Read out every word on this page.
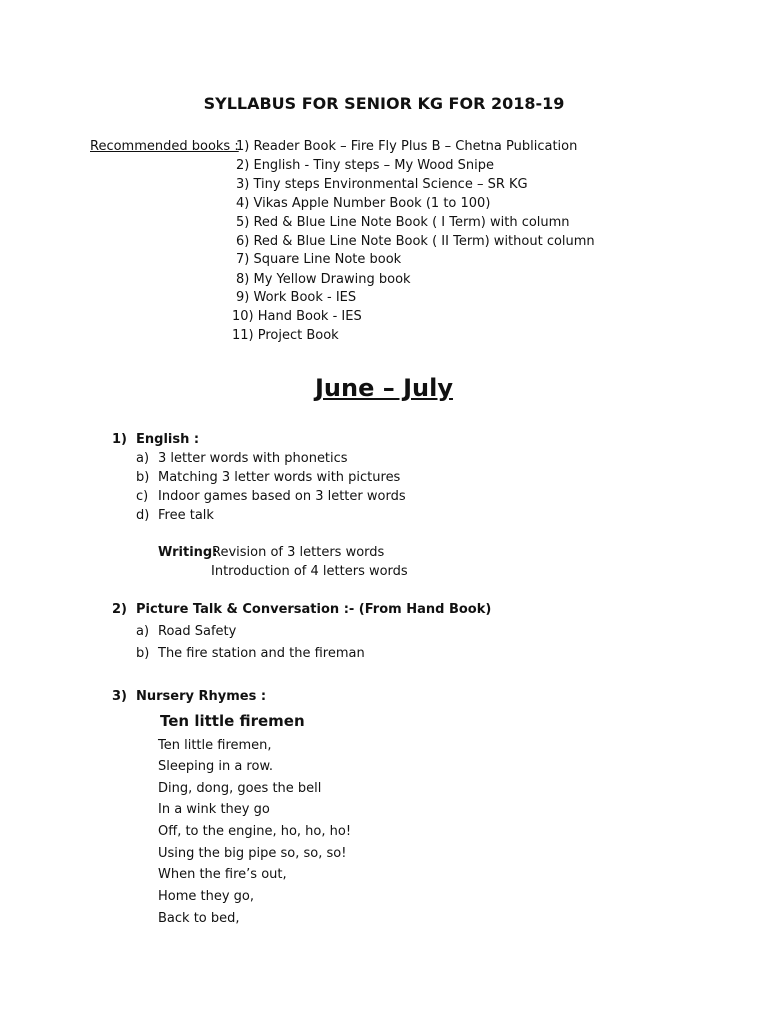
SYLLABUS FOR SENIOR KG FOR 2018-19
Recommended books :
1) Reader Book – Fire Fly Plus B – Chetna Publication
2) English - Tiny steps – My Wood Snipe
3) Tiny steps Environmental Science – SR KG
4) Vikas Apple Number Book (1 to 100)
5) Red & Blue Line Note Book ( I Term) with column
6) Red & Blue Line Note Book ( II Term) without column
7) Square Line Note book
8) My Yellow Drawing book
9) Work Book - IES
10) Hand Book - IES
11) Project Book
June – July
1) English :
a) 3 letter words with phonetics
b) Matching 3 letter words with pictures
c) Indoor games based on 3 letter words
d) Free talk
Writing:
Revision of 3 letters words
Introduction of 4 letters words
2) Picture Talk & Conversation :- (From Hand Book)
a) Road Safety
b) The fire station and the fireman
3) Nursery Rhymes :
Ten little firemen
Ten little firemen,
Sleeping in a row.
Ding, dong, goes the bell
In a wink they go
Off, to the engine, ho, ho, ho!
Using the big pipe so, so, so!
When the fire’s out,
Home they go,
Back to bed,
